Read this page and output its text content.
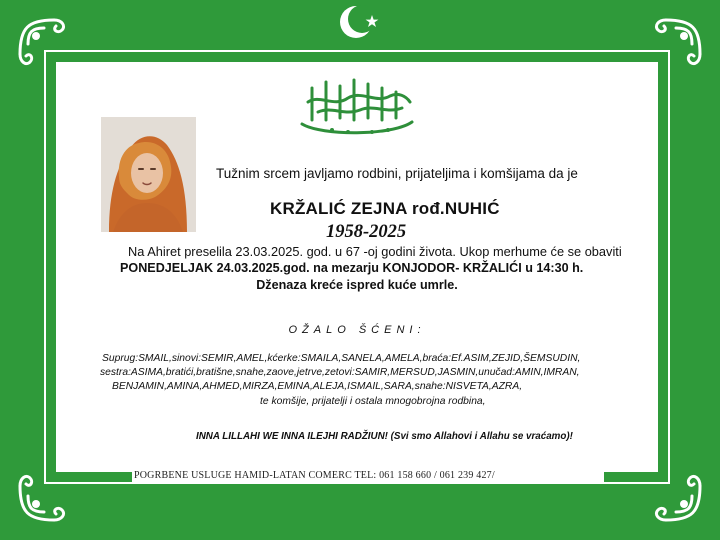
Tužnim srcem javljamo rodbini, prijateljima i komšijama da je
KRŽALIĆ ZEJNA rođ.NUHIĆ
1958-2025
Na Ahiret preselila 23.03.2025. god. u 67 -oj godini života. Ukop merhume će se obaviti
PONEDJELJAK 24.03.2025.god. na mezarju KONJODOR- KRŽALIĆI u 14:30 h.
Dženaza kreće ispred kuće umrle.
OŽALO ŠĆENI:
Suprug:SMAIL,sinovi:SEMIR,AMEL,kćerke:SMAILA,SANELA,AMELA,braća:Ef.ASIM,ZEJID,ŠEMSUDIN,
sestra:ASIMA,bratići,bratišne,snahe,zaove,jetrve,zetovi:SAMIR,MERSUD,JASMIN,unučad:AMIN,IMRAN,
BENJAMIN,AMINA,AHMED,MIRZA,EMINA,ALEJA,ISMAIL,SARA,snahe:NISVETA,AZRA,
te komšije, prijatelji i ostala mnogobrojna rodbina,
INNA LILLAHI WE INNA ILEJHI RADŽIUN! (Svi smo Allahovi i Allahu se vraćamo)!
POGRBENE USLUGE HAMID-LATAN COMERC TEL: 061 158 660 / 061 239 427/
